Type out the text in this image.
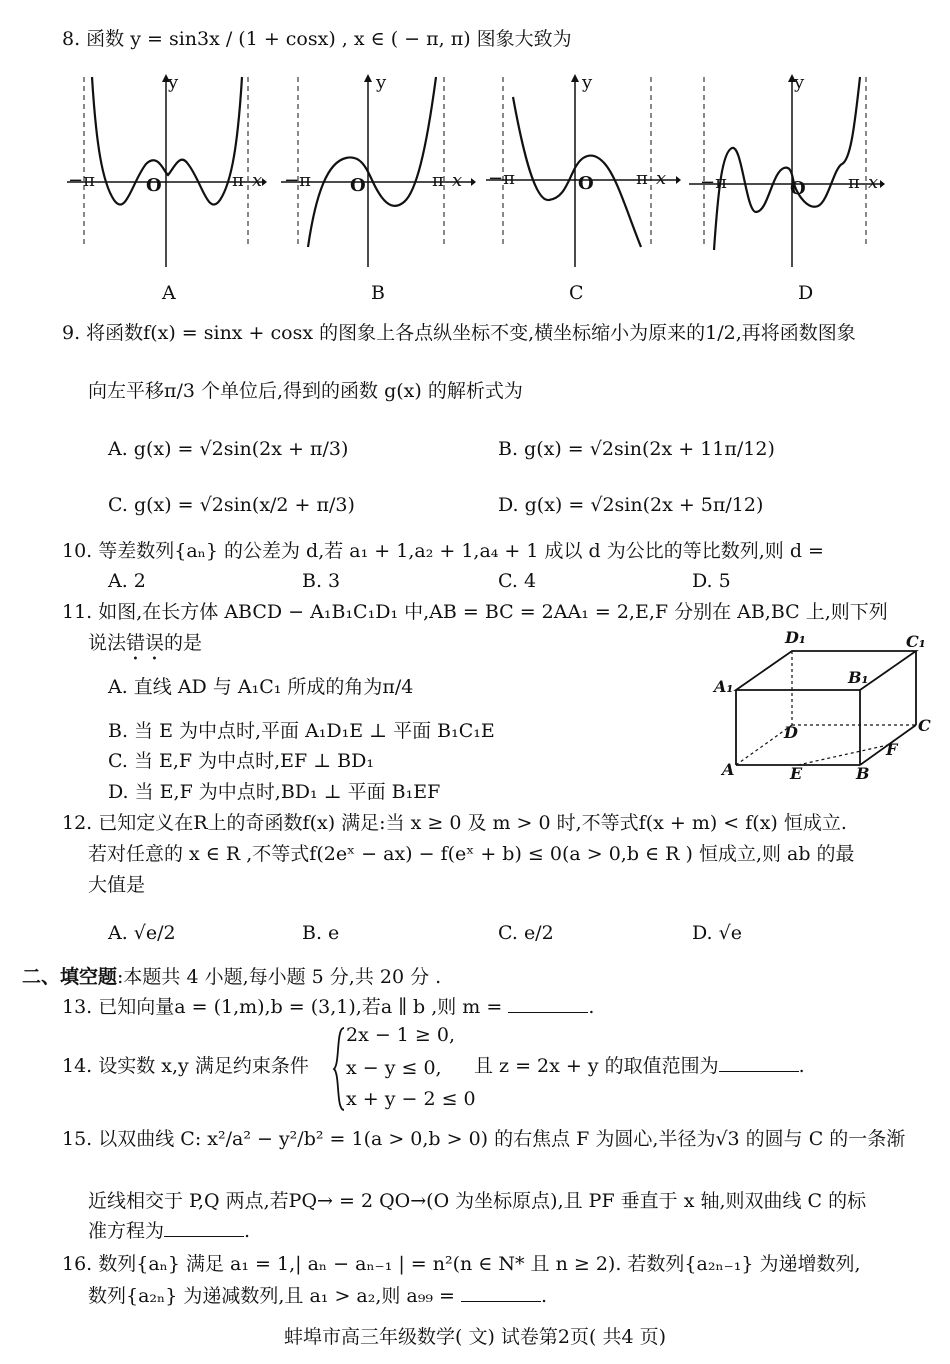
8. 函数 y = sin3x / (1 + cosx) , x ∈ ( − π, π) 图象大致为
y
O
−π	π x
y
O
−π	π x
y
O
−π	π x
y
O
−π	π x
A	B	C	D
9. 将函数f(x) = sinx + cosx 的图象上各点纵坐标不变,横坐标缩小为原来的1/2,再将函数图象
向左平移π/3 个单位后,得到的函数 g(x) 的解析式为
A. g(x) = √2sin(2x + π/3)	B. g(x) = √2sin(2x + 11π/12)
C. g(x) = √2sin(x/2 + π/3)	D. g(x) = √2sin(2x + 5π/12)
10. 等差数列{aₙ} 的公差为 d,若 a₁ + 1,a₂ + 1,a₄ + 1 成以 d 为公比的等比数列,则 d =
A. 2	B. 3	C. 4	D. 5
11. 如图,在长方体 ABCD − A₁B₁C₁D₁ 中,AB = BC = 2AA₁ = 2,E,F 分别在 AB,BC 上,则下列
说法错误的是
A. 直线 AD 与 A₁C₁ 所成的角为π/4
B. 当 E 为中点时,平面 A₁D₁E ⊥ 平面 B₁C₁E
C. 当 E,F 为中点时,EF ⊥ BD₁
D. 当 E,F 为中点时,BD₁ ⊥ 平面 B₁EF
D₁	C₁
A₁	B₁
D	C
F
A	E	B
12. 已知定义在R上的奇函数f(x) 满足:当 x ≥ 0 及 m > 0 时,不等式f(x + m) < f(x) 恒成立.
若对任意的 x ∈ R ,不等式f(2eˣ − ax) − f(eˣ + b) ≤ 0(a > 0,b ∈ R ) 恒成立,则 ab 的最
大值是
A. √e/2	B. e	C. e/2	D. √e
二、填空题:本题共 4 小题,每小题 5 分,共 20 分 .
13. 已知向量a = (1,m),b = (3,1),若a ∥ b ,则 m =	.
14. 设实数 x,y 满足约束条件
2x − 1 ≥ 0,
x − y ≤ 0,
x + y − 2 ≤ 0
且 z = 2x + y 的取值范围为	.
15. 以双曲线 C: x²/a² − y²/b² = 1(a > 0,b > 0) 的右焦点 F 为圆心,半径为√3 的圆与 C 的一条渐
近线相交于 P,Q 两点,若PQ→ = 2 QO→(O 为坐标原点),且 PF 垂直于 x 轴,则双曲线 C 的标
准方程为	.
16. 数列{aₙ} 满足 a₁ = 1,| aₙ − aₙ₋₁ | = n²(n ∈ N* 且 n ≥ 2). 若数列{a₂ₙ₋₁} 为递增数列,
数列{a₂ₙ} 为递减数列,且 a₁ > a₂,则 a₉₉ =	.
蚌埠市高三年级数学( 文) 试卷第2页( 共4 页)
